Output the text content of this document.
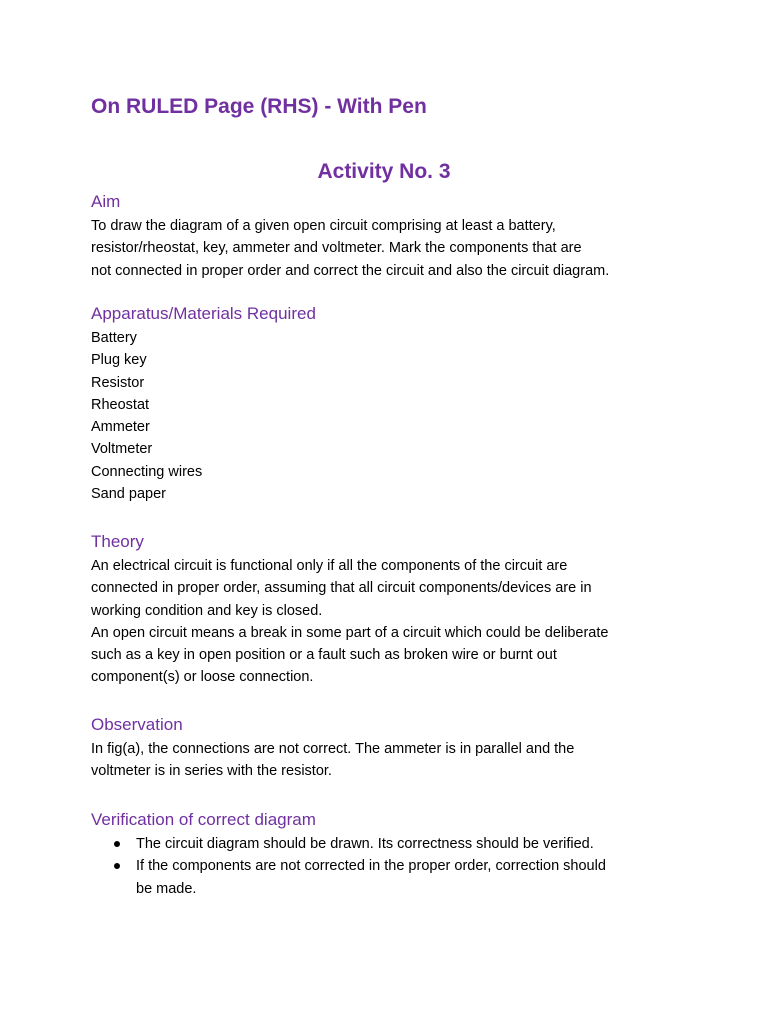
On RULED Page (RHS) - With Pen
Activity No. 3
Aim

To draw the diagram of a given open circuit comprising at least a battery,

resistor/rheostat, key, ammeter and voltmeter. Mark the components that are

not connected in proper order and correct the circuit and also the circuit diagram.

Apparatus/Materials Required
Battery
Plug key
Resistor
Rheostat
Ammeter
Voltmeter
Connecting wires
Sand paper
Theory

An electrical circuit is functional only if all the components of the circuit are

connected in proper order, assuming that all circuit components/devices are in

working condition and key is closed.

An open circuit means a break in some part of a circuit which could be deliberate

such as a key in open position or a fault such as broken wire or burnt out

component(s) or loose connection.

Observation

In fig(a), the connections are not correct. The ammeter is in parallel and the

voltmeter is in series with the resistor.

Verification of correct diagram
The circuit diagram should be drawn. Its correctness should be verified.
If the components are not corrected in the proper order, correction should
be made.
